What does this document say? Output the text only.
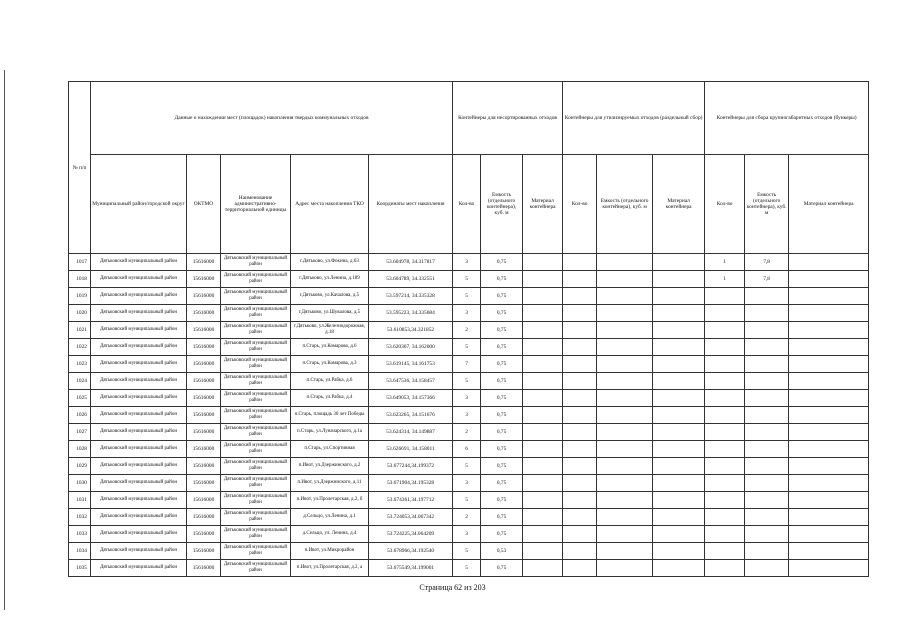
№ п/п	Данные о нахождении мест (площадок) накопления твердых коммунальных отходов					Контейнеры для несортированных отходов			Контейнеры для утилизируемых отходов (раздельный сбор)			Контейнеры для сбора крупногабаритных отходов (бункеры)		
	Муниципальный район/городской округ	ОКТМО	Наименование административно-территориальной единицы	Адрес места накопления ТКО	Координаты мест накопления	Кол-во	Емкость (отдельного контейнера), куб. м	Материал контейнера	Кол-во	Емкость (отдельного контейнера), куб. м	Материал контейнера	Кол-во	Емкость (отдельного контейнера), куб. м	Материал контейнера
1017	Дятьковский муниципальный район	15616000	Дятьковский муниципальный район	г.Дятьково, ул.Фокина, д.63	53.604978, 34.317817	3	0,75					1	7,8	
1018	Дятьковский муниципальный район	15616000	Дятьковский муниципальный район	г.Дятьково, ул.Ленина, д.189	53.604789, 34.332551	5	0,75					1	7,8	
1019	Дятьковский муниципальный район	15616000	Дятьковский муниципальный район	г.Дятьково, ул.Качалова, д.5	53.597214, 34.335328	5	0,75							
1020	Дятьковский муниципальный район	15616000	Дятьковский муниципальный район	г.Дятьково, ул.Шувалова, д.5	53.595223, 34.335684	3	0,75							
1021	Дятьковский муниципальный район	15616000	Дятьковский муниципальный район	г.Дятьково, ул.Железнодорожная, д.18	53.610853,34.321852	2	0,75							
1022	Дятьковский муниципальный район	15616000	Дятьковский муниципальный район	п.Старь, ул.Комарова, д.6	53.620367, 34.162000	5	0,75							
1023	Дятьковский муниципальный район	15616000	Дятьковский муниципальный район	п.Старь, ул.Комарова, д.3	53.619145, 34.161753	7	0,75							
1024	Дятьковский муниципальный район	15616000	Дятьковский муниципальный район	п.Старь, ул.Рабка, д.6	53.647536, 34.158457	5	0,75							
1025	Дятьковский муниципальный район	15616000	Дятьковский муниципальный район	п.Старь, ул.Рабка, д.4	53.649053, 34.157366	3	0,75							
1026	Дятьковский муниципальный район	15616000	Дятьковский муниципальный район	п.Старь, площадь 30 лет Победы	53.623265, 34.151676	3	0,75							
1027	Дятьковский муниципальный район	15616000	Дятьковский муниципальный район	п.Старь, ул.Луначарского, д.1а	53.624314, 34.149887	2	0,75							
1028	Дятьковский муниципальный район	15616000	Дятьковский муниципальный район	п.Старь, ул.Спортивная	53.626691, 34.158011	6	0,75							
1029	Дятьковский муниципальный район	15616000	Дятьковский муниципальный район	п.Ивот, ул.Дзержинского, д.2	53.677244,34.199372	5	0,75							
1030	Дятьковский муниципальный район	15616000	Дятьковский муниципальный район	п.Ивот, ул.Дзержинского, д.11	53.671904,34.195328	3	0,75							
1031	Дятьковский муниципальный район	15616000	Дятьковский муниципальный район	п.Ивот, ул.Пролетарская, д.2, б	53.674361,34.197712	5	0,75							
1032	Дятьковский муниципальный район	15616000	Дятьковский муниципальный район	д.Сельцо, ул.Ленина, д.1	53.724053,34.067342	2	0,75							
1033	Дятьковский муниципальный район	15616000	Дятьковский муниципальный район	д.Сельцо, ул. Ленина, д.4	53.724225,34.064209	3	0,75							
1034	Дятьковский муниципальный район	15616000	Дятьковский муниципальный район	п.Ивот, ул.Микрорайон	53.678966,34.192540	5	0,53							
1035	Дятьковский муниципальный район	15616000	Дятьковский муниципальный район	п.Ивот, ул.Пролетарская, д.2, а	53.675549,34.199001	5	0,75							
Страница 62 из 203
